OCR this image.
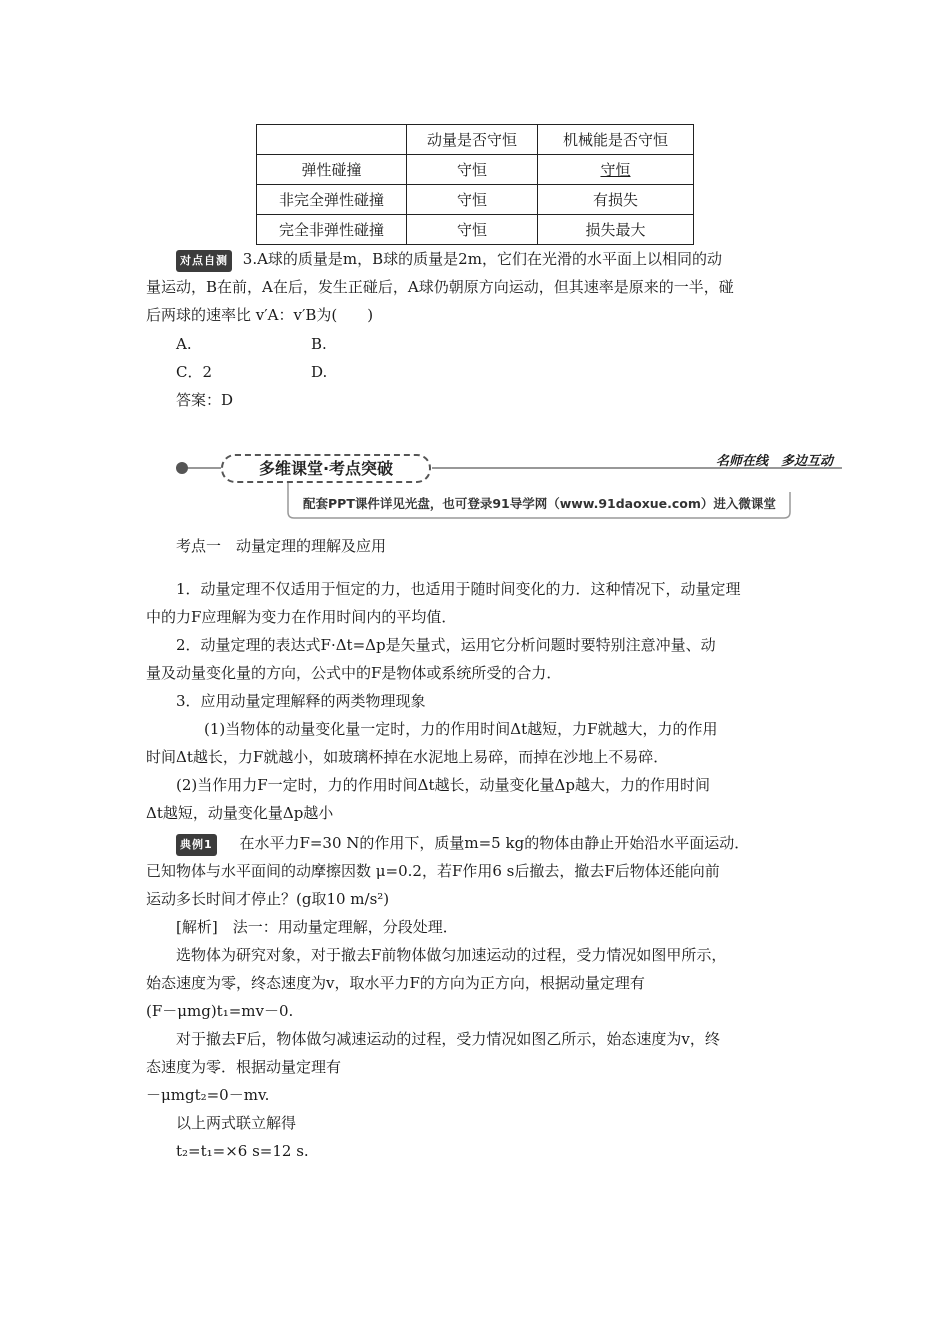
	动量是否守恒	机械能是否守恒
弹性碰撞	守恒	守恒
非完全弹性碰撞	守恒	有损失
完全非弹性碰撞	守恒	损失最大
对点自测 3.A球的质量是m，B球的质量是2m，它们在光滑的水平面上以相同的动
量运动，B在前，A在后，发生正碰后，A球仍朝原方向运动，但其速率是原来的一半，碰
后两球的速率比 v′A：v′B为(　　)
A.	B.
C．2	D.
答案：D
多维课堂·考点突破	名师在线　多边互动
配套PPT课件详见光盘，也可登录91导学网（www.91daoxue.com）进入微课堂
考点一　动量定理的理解及应用
1．动量定理不仅适用于恒定的力，也适用于随时间变化的力．这种情况下，动量定理
中的力F应理解为变力在作用时间内的平均值．
2．动量定理的表达式F·Δt=Δp是矢量式，运用它分析问题时要特别注意冲量、动
量及动量变化量的方向，公式中的F是物体或系统所受的合力．
3．应用动量定理解释的两类物理现象
(1)当物体的动量变化量一定时，力的作用时间Δt越短，力F就越大，力的作用
时间Δt越长，力F就越小，如玻璃杯掉在水泥地上易碎，而掉在沙地上不易碎．
(2)当作用力F一定时，力的作用时间Δt越长，动量变化量Δp越大，力的作用时间
Δt越短，动量变化量Δp越小
典例1 在水平力F=30 N的作用下，质量m=5 kg的物体由静止开始沿水平面运动．
已知物体与水平面间的动摩擦因数 μ=0.2，若F作用6 s后撤去，撤去F后物体还能向前
运动多长时间才停止？(g取10 m/s²)
[解析]　法一：用动量定理解，分段处理．
选物体为研究对象，对于撤去F前物体做匀加速运动的过程，受力情况如图甲所示，
始态速度为零，终态速度为v，取水平力F的方向为正方向，根据动量定理有
(F－μmg)t₁=mv－0.
对于撤去F后，物体做匀减速运动的过程，受力情况如图乙所示，始态速度为v，终
态速度为零．根据动量定理有
－μmgt₂=0－mv.
以上两式联立解得
t₂=t₁=×6 s=12 s.
